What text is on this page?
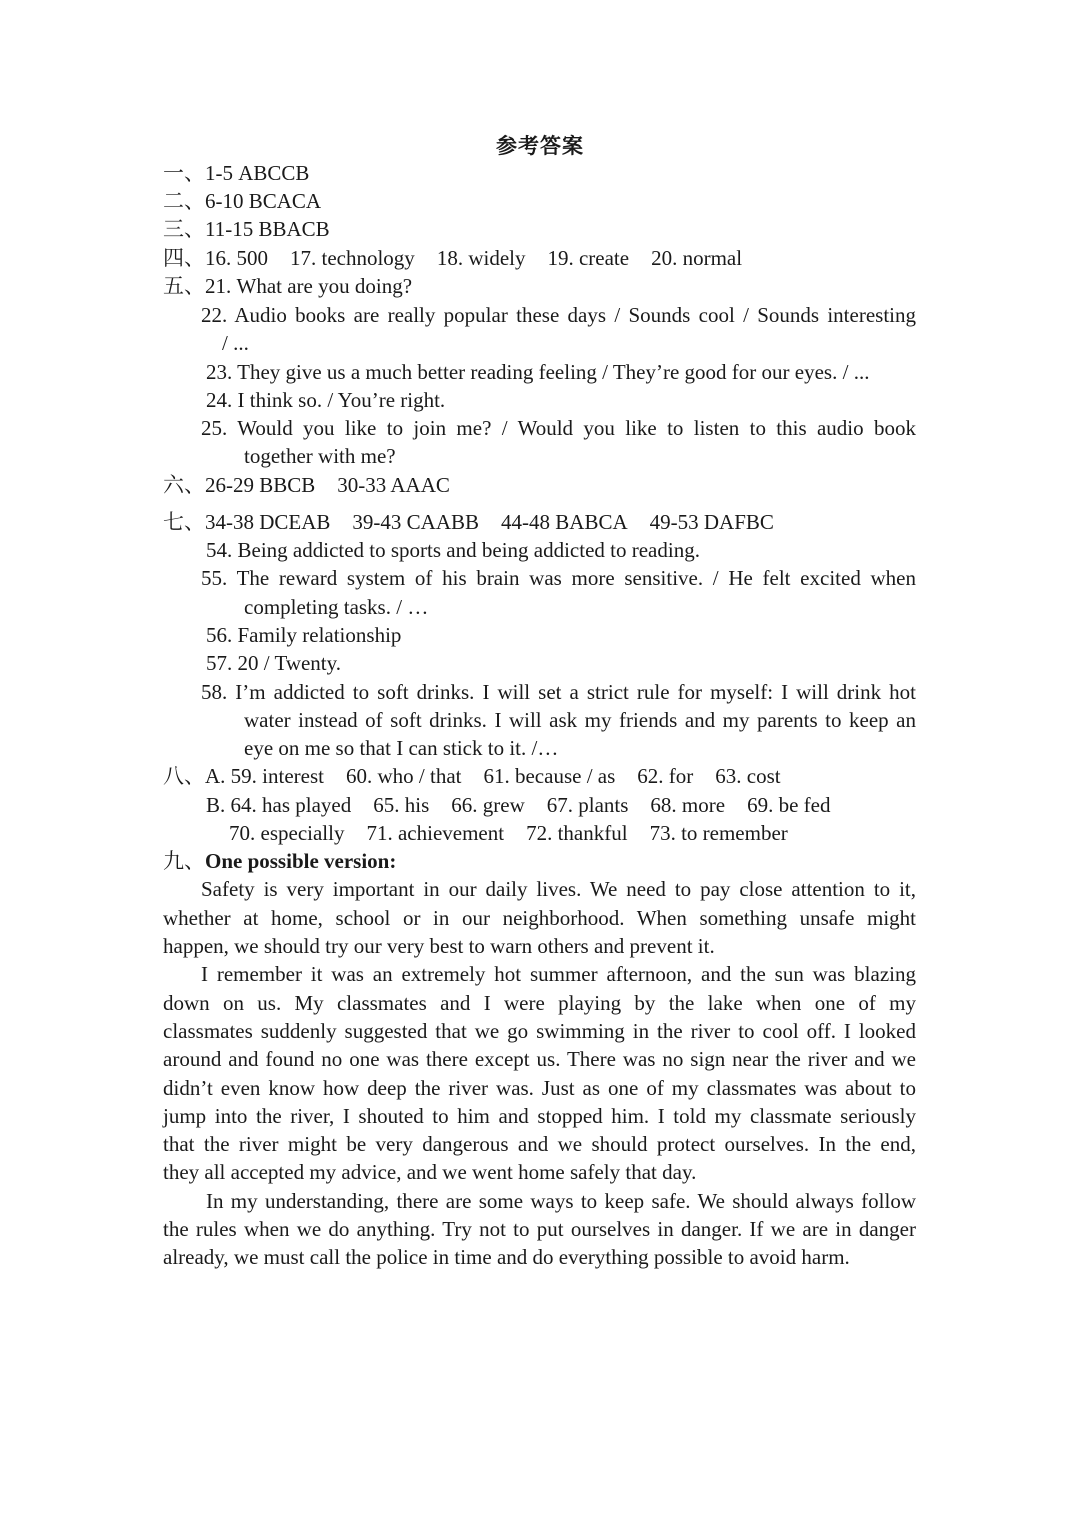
参考答案
一、1-5 ABCCB
二、6-10 BCACA
三、11-15 BBACB
四、16. 500 17. technology 18. widely 19. create 20. normal
五、21. What are you doing?
22. Audio books are really popular these days / Sounds cool / Sounds interesting
/ ...
23. They give us a much better reading feeling / They’re good for our eyes. / ...
24. I think so. / You’re right.
25. Would you like to join me? / Would you like to listen to this audio book
together with me?
六、26-29 BBCB 30-33 AAAC
七、34-38 DCEAB 39-43 CAABB 44-48 BABCA 49-53 DAFBC
54. Being addicted to sports and being addicted to reading.
55. The reward system of his brain was more sensitive. / He felt excited when
completing tasks. / …
56. Family relationship
57. 20 / Twenty.
58. I’m addicted to soft drinks. I will set a strict rule for myself: I will drink hot
water instead of soft drinks. I will ask my friends and my parents to keep an
eye on me so that I can stick to it. /…
八、A. 59. interest 60. who / that 61. because / as 62. for 63. cost
B. 64. has played 65. his 66. grew 67. plants 68. more 69. be fed
70. especially 71. achievement 72. thankful 73. to remember
九、One possible version:
Safety is very important in our daily lives. We need to pay close attention to it,
whether at home, school or in our neighborhood. When something unsafe might
happen, we should try our very best to warn others and prevent it.
I remember it was an extremely hot summer afternoon, and the sun was blazing
down on us. My classmates and I were playing by the lake when one of my
classmates suddenly suggested that we go swimming in the river to cool off. I looked
around and found no one was there except us. There was no sign near the river and we
didn’t even know how deep the river was. Just as one of my classmates was about to
jump into the river, I shouted to him and stopped him. I told my classmate seriously
that the river might be very dangerous and we should protect ourselves. In the end,
they all accepted my advice, and we went home safely that day.
In my understanding, there are some ways to keep safe. We should always follow
the rules when we do anything. Try not to put ourselves in danger. If we are in danger
already, we must call the police in time and do everything possible to avoid harm.
